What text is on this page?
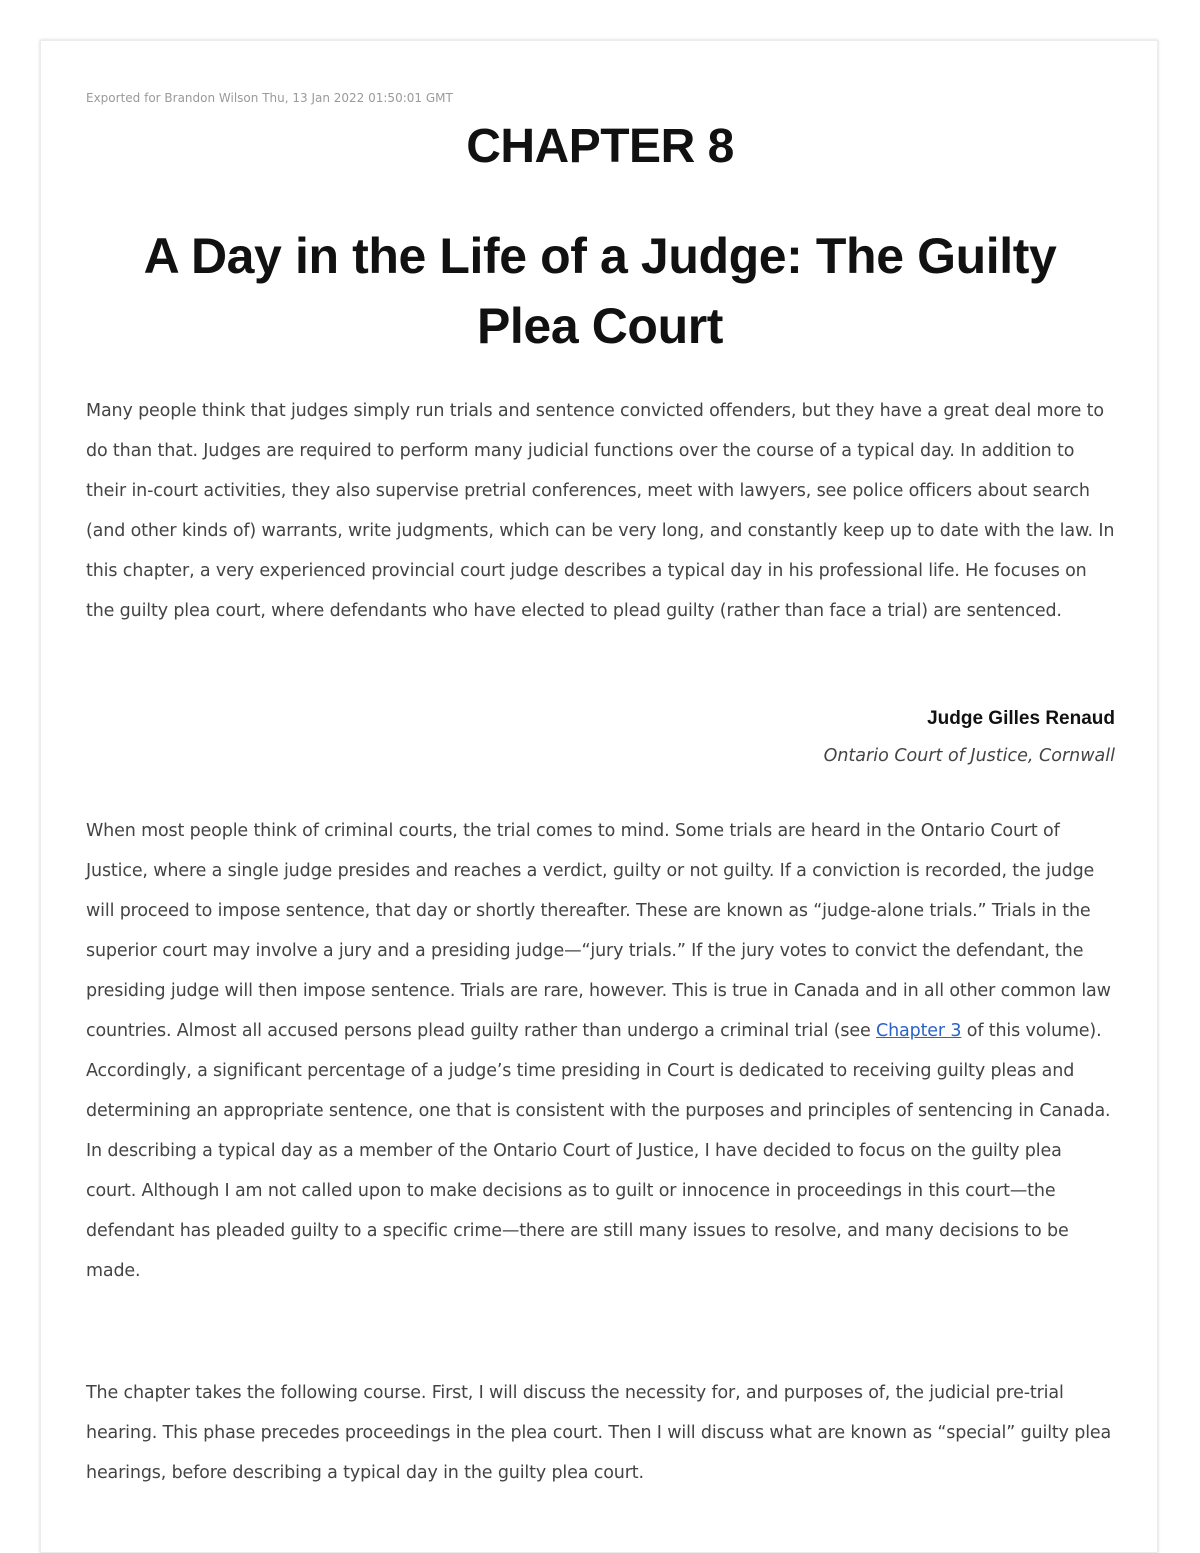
Exported for Brandon Wilson Thu, 13 Jan 2022 01:50:01 GMT
CHAPTER 8
A Day in the Life of a Judge: The Guilty Plea Court

Many people think that judges simply run trials and sentence convicted offenders, but they have a great deal more to do than that. Judges are required to perform many judicial functions over the course of a typical day. In addition to their in-court activities, they also supervise pretrial conferences, meet with lawyers, see police officers about search (and other kinds of) warrants, write judgments, which can be very long, and constantly keep up to date with the law. In this chapter, a very experienced provincial court judge describes a typical day in his professional life. He focuses on the guilty plea court, where defendants who have elected to plead guilty (rather than face a trial) are sentenced.

Judge Gilles Renaud
Ontario Court of Justice, Cornwall

When most people think of criminal courts, the trial comes to mind. Some trials are heard in the Ontario Court of Justice, where a single judge presides and reaches a verdict, guilty or not guilty. If a conviction is recorded, the judge will proceed to impose sentence, that day or shortly thereafter. These are known as “judge-alone trials.” Trials in the superior court may involve a jury and a presiding judge—“jury trials.” If the jury votes to convict the defendant, the presiding judge will then impose sentence. Trials are rare, however. This is true in Canada and in all other common law countries. Almost all accused persons plead guilty rather than undergo a criminal trial (see Chapter 3 of this volume). Accordingly, a significant percentage of a judge’s time presiding in Court is dedicated to receiving guilty pleas and determining an appropriate sentence, one that is consistent with the purposes and principles of sentencing in Canada. In describing a typical day as a member of the Ontario Court of Justice, I have decided to focus on the guilty plea court. Although I am not called upon to make decisions as to guilt or innocence in proceedings in this court—the defendant has pleaded guilty to a specific crime—there are still many issues to resolve, and many decisions to be made.

The chapter takes the following course. First, I will discuss the necessity for, and purposes of, the judicial pre-trial hearing. This phase precedes proceedings in the plea court. Then I will discuss what are known as “special” guilty plea hearings, before describing a typical day in the guilty plea court.
